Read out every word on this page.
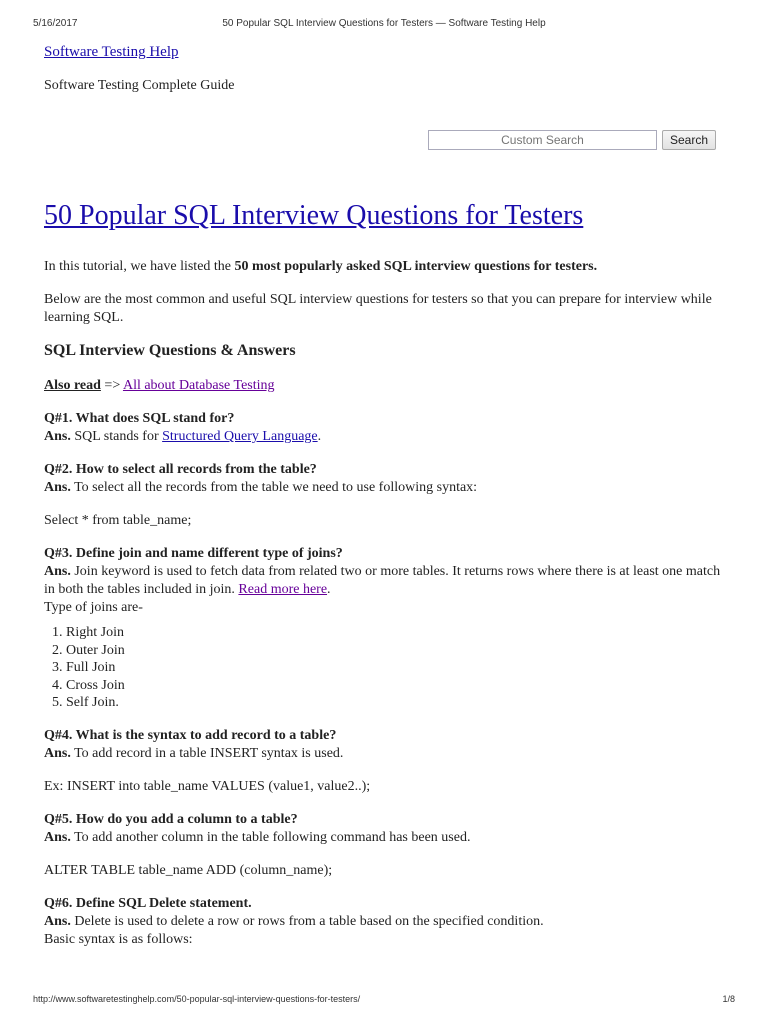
5/16/2017	50 Popular SQL Interview Questions for Testers — Software Testing Help
Software Testing Help
Software Testing Complete Guide
Custom Search
Search
50 Popular SQL Interview Questions for Testers

In this tutorial, we have listed the 50 most popularly asked SQL interview questions for testers.

Below are the most common and useful SQL interview questions for testers so that you can prepare for interview while learning SQL.

SQL Interview Questions & Answers

Also read => All about Database Testing

Q#1. What does SQL stand for?
Ans. SQL stands for Structured Query Language.
Q#2. How to select all records from the table?
Ans. To select all the records from the table we need to use following syntax:

Select * from table_name;

Q#3. Define join and name different type of joins?
Ans. Join keyword is used to fetch data from related two or more tables. It returns rows where there is at least one match in both the tables included in join. Read more here.
Type of joins are-
1. Right Join
2. Outer Join
3. Full Join
4. Cross Join
5. Self Join.
Q#4. What is the syntax to add record to a table?
Ans. To add record in a table INSERT syntax is used.

Ex: INSERT into table_name VALUES (value1, value2..);

Q#5. How do you add a column to a table?
Ans. To add another column in the table following command has been used.

ALTER TABLE table_name ADD (column_name);

Q#6. Define SQL Delete statement.
Ans. Delete is used to delete a row or rows from a table based on the specified condition.
Basic syntax is as follows:
http://www.softwaretestinghelp.com/50-popular-sql-interview-questions-for-testers/	1/8
